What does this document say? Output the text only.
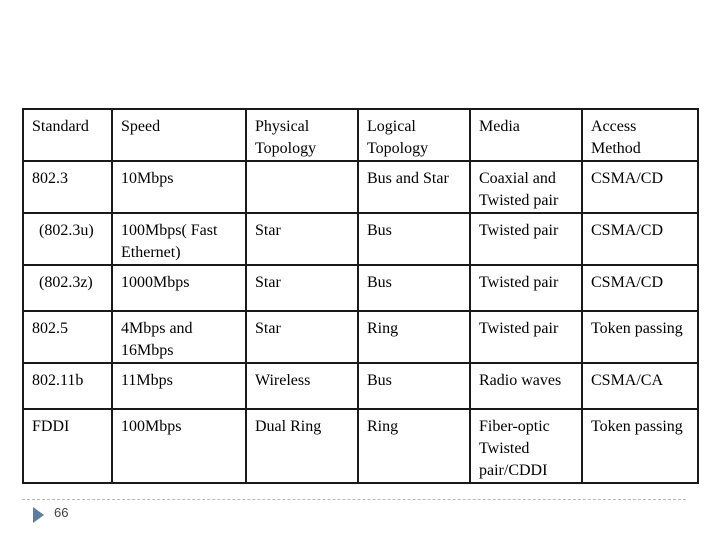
Standard	Speed	Physical Topology	Logical Topology	Media	Access Method
802.3	10Mbps		Bus and Star	Coaxial and Twisted pair	CSMA/CD
(802.3u)	100Mbps( Fast Ethernet)	Star	Bus	Twisted pair	CSMA/CD
(802.3z)	1000Mbps	Star	Bus	Twisted pair	CSMA/CD
802.5	4Mbps and 16Mbps	Star	Ring	Twisted pair	Token passing
802.11b	11Mbps	Wireless	Bus	Radio waves	CSMA/CA
FDDI	100Mbps	Dual Ring	Ring	Fiber-optic Twisted pair/CDDI	Token passing
66
